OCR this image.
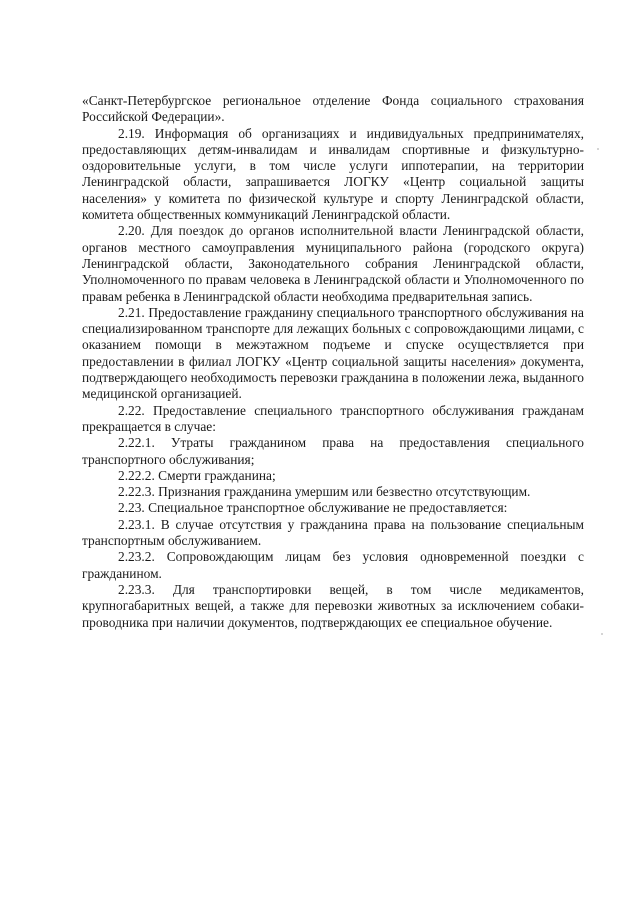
«Санкт-Петербургское региональное отделение Фонда социального страхования Российской Федерации».

2.19. Информация об организациях и индивидуальных предпринимателях, предоставляющих детям-инвалидам и инвалидам спортивные и физкультурно-оздоровительные услуги, в том числе услуги иппотерапии, на территории Ленинградской области, запрашивается ЛОГКУ «Центр социальной защиты населения» у комитета по физической культуре и спорту Ленинградской области, комитета общественных коммуникаций Ленинградской области.

2.20. Для поездок до органов исполнительной власти Ленинградской области, органов местного самоуправления муниципального района (городского округа) Ленинградской области, Законодательного собрания Ленинградской области, Уполномоченного по правам человека в Ленинградской области и Уполномоченного по правам ребенка в Ленинградской области необходима предварительная запись.

2.21. Предоставление гражданину специального транспортного обслуживания на специализированном транспорте для лежащих больных с сопровождающими лицами, с оказанием помощи в межэтажном подъеме и спуске осуществляется при предоставлении в филиал ЛОГКУ «Центр социальной защиты населения» документа, подтверждающего необходимость перевозки гражданина в положении лежа, выданного медицинской организацией.

2.22. Предоставление специального транспортного обслуживания гражданам прекращается в случае:

2.22.1. Утраты гражданином права на предоставления специального транспортного обслуживания;

2.22.2. Смерти гражданина;

2.22.3. Признания гражданина умершим или безвестно отсутствующим.

2.23. Специальное транспортное обслуживание не предоставляется:

2.23.1. В случае отсутствия у гражданина права на пользование специальным транспортным обслуживанием.

2.23.2. Сопровождающим лицам без условия одновременной поездки с гражданином.

2.23.3. Для транспортировки вещей, в том числе медикаментов, крупногабаритных вещей, а также для перевозки животных за исключением собаки-проводника при наличии документов, подтверждающих ее специальное обучение.
